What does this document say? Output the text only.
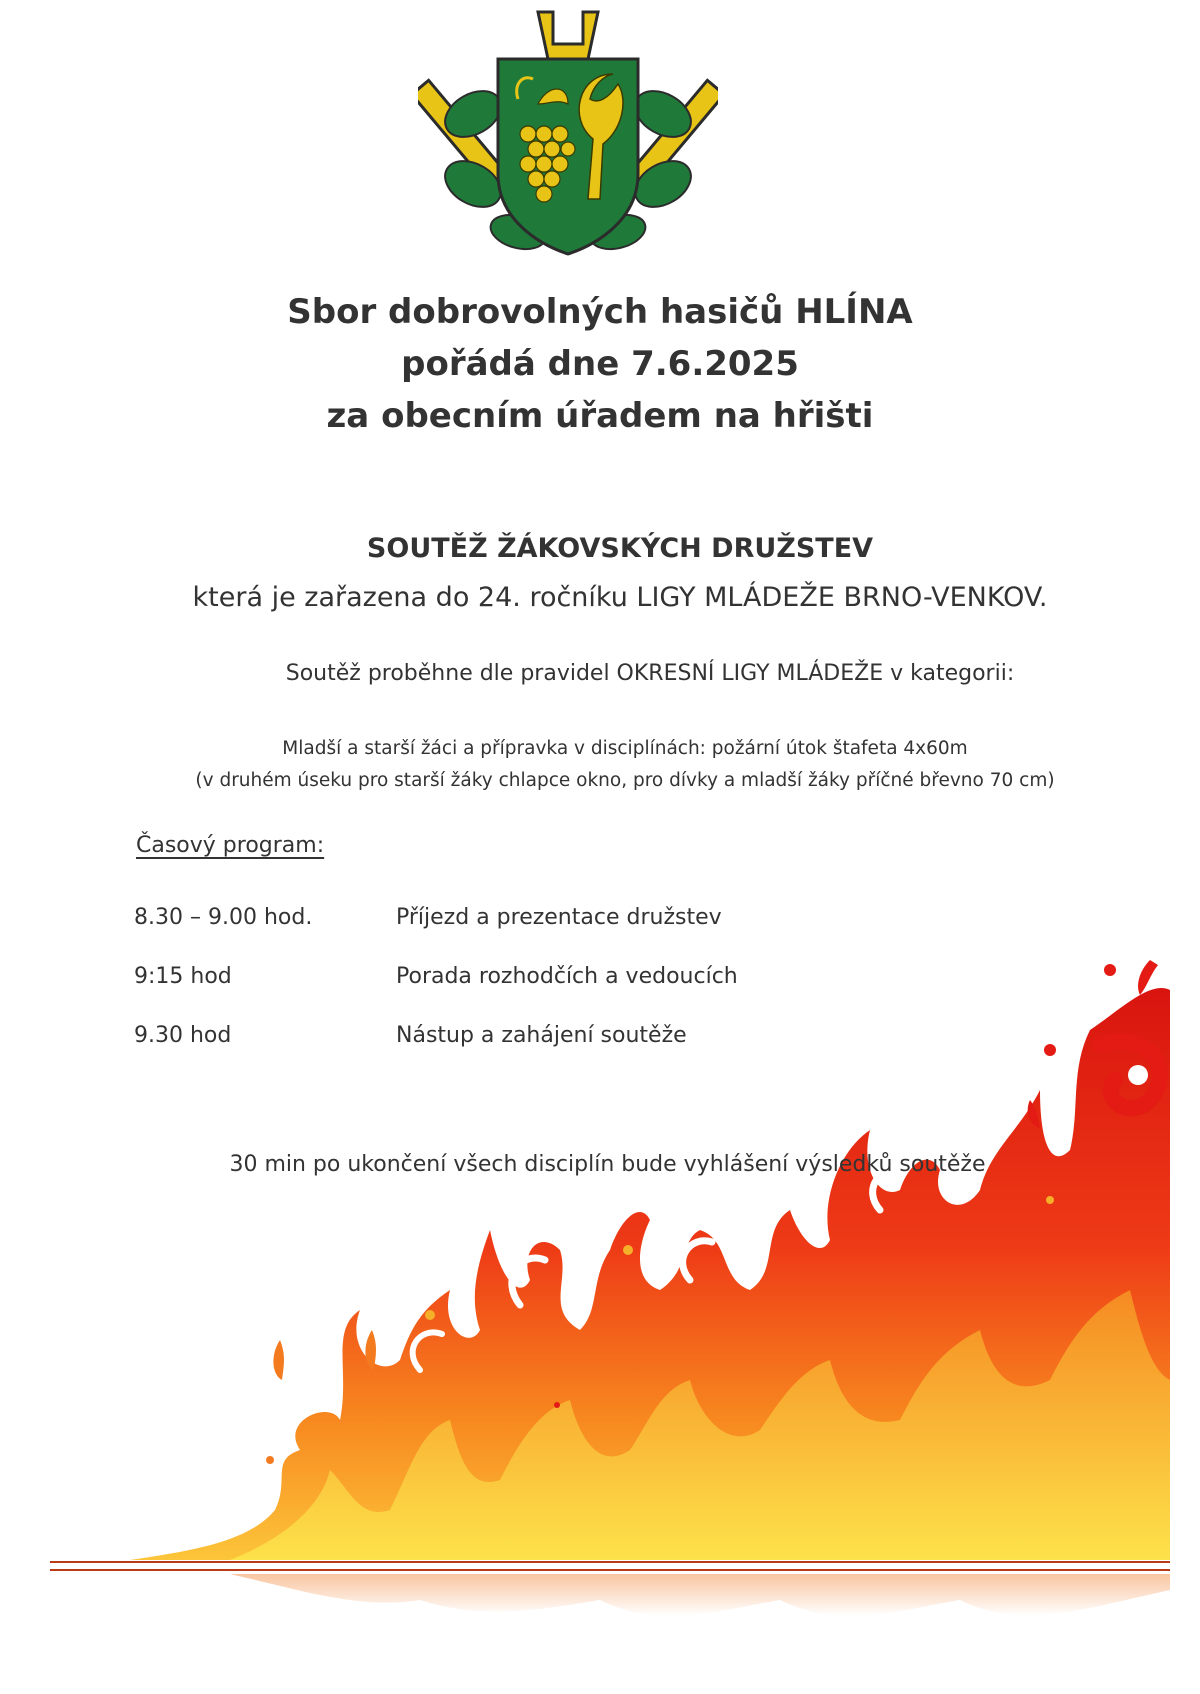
Sbor dobrovolných hasičů HLÍNA
pořádá dne 7.6.2025
za obecním úřadem na hřišti
SOUTĚŽ ŽÁKOVSKÝCH DRUŽSTEV
která je zařazena do 24. ročníku LIGY MLÁDEŽE BRNO-VENKOV.
Soutěž proběhne dle pravidel OKRESNÍ LIGY MLÁDEŽE v kategorii:
Mladší a starší žáci a přípravka v disciplínách: požární útok štafeta 4x60m
(v druhém úseku pro starší žáky chlapce okno, pro dívky a mladší žáky příčné břevno 70 cm)
Časový program:
8.30 – 9.00 hod.	Příjezd a prezentace družstev
9:15 hod	Porada rozhodčích a vedoucích
9.30 hod	Nástup a zahájení soutěže
30 min po ukončení všech disciplín bude vyhlášení výsledků soutěže
